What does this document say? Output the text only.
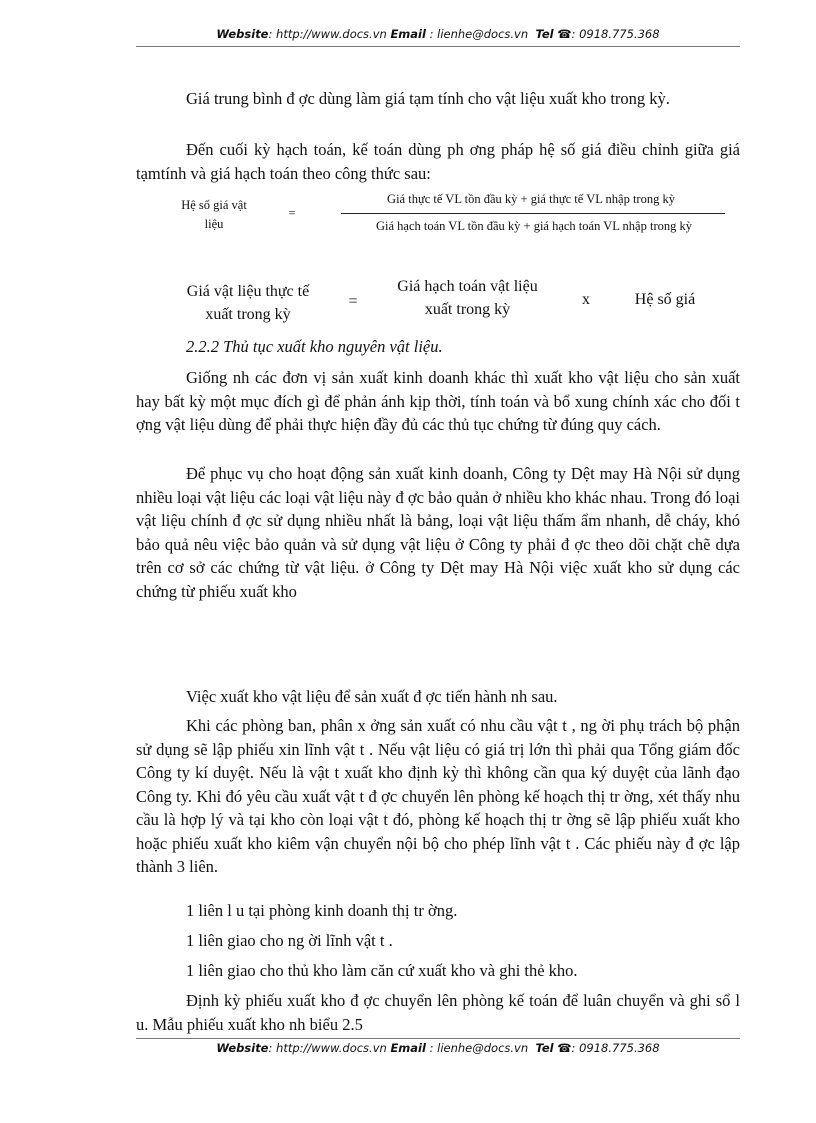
Website: http://www.docs.vn Email : lienhe@docs.vn Tel ☎: 0918.775.368

Giá trung bình đ ợc dùng làm giá tạm tính cho vật liệu xuất kho trong kỳ.

Đến cuối kỳ hạch toán, kế toán dùng ph ơng pháp hệ số giá điều chỉnh giữa giá tạmtính và giá hạch toán theo công thức sau:

Hệ số giá vật
liệu
=
Giá thực tế VL tồn đầu kỳ + giá thực tế VL nhập trong kỳ
Giá hạch toán VL tồn đầu kỳ + giá hạch toán VL nhập trong kỳ
Giá vật liệu thực tế
xuất trong kỳ
=
Giá hạch toán vật liệu
xuất trong kỳ
x	Hệ số giá
2.2.2 Thủ tục xuất kho nguyên vật liệu.

Giống nh các đơn vị sản xuất kinh doanh khác thì xuất kho vật liệu cho sản xuất hay bất kỳ một mục đích gì để phản ánh kịp thời, tính toán và bổ xung chính xác cho đối t ợng vật liệu dùng để phải thực hiện đầy đủ các thủ tục chứng từ đúng quy cách.

Để phục vụ cho hoạt động sản xuất kinh doanh, Công ty Dệt may Hà Nội sử dụng nhiều loại vật liệu các loại vật liệu này đ ợc bảo quản ở nhiều kho khác nhau. Trong đó loại vật liệu chính đ ợc sử dụng nhiều nhất là bảng, loại vật liệu thấm ẩm nhanh, dễ cháy, khó bảo quả nêu việc bảo quản và sử dụng vật liệu ở Công ty phải đ ợc theo dõi chặt chẽ dựa trên cơ sở các chứng từ vật liệu. ở Công ty Dệt may Hà Nội việc xuất kho sử dụng các chứng từ phiếu xuất kho

Việc xuất kho vật liệu để sản xuất đ ợc tiến hành nh sau.

Khi các phòng ban, phân x ởng sản xuất có nhu cầu vật t , ng ời phụ trách bộ phận sử dụng sẽ lập phiếu xin lĩnh vật t . Nếu vật liệu có giá trị lớn thì phải qua Tổng giám đốc Công ty kí duyệt. Nếu là vật t xuất kho định kỳ thì không cần qua ký duyệt của lãnh đạo Công ty. Khi đó yêu cầu xuất vật t đ ợc chuyển lên phòng kế hoạch thị tr ờng, xét thấy nhu cầu là hợp lý và tại kho còn loại vật t đó, phòng kế hoạch thị tr ờng sẽ lập phiếu xuất kho hoặc phiếu xuất kho kiêm vận chuyển nội bộ cho phép lĩnh vật t . Các phiếu này đ ợc lập thành 3 liên.

1 liên l u tại phòng kinh doanh thị tr ờng.

1 liên giao cho ng ời lĩnh vật t .

1 liên giao cho thủ kho làm căn cứ xuất kho và ghi thẻ kho.

Định kỳ phiếu xuất kho đ ợc chuyển lên phòng kế toán để luân chuyển và ghi sổ l u. Mẫu phiếu xuất kho nh biểu 2.5

Website: http://www.docs.vn Email : lienhe@docs.vn Tel ☎: 0918.775.368
